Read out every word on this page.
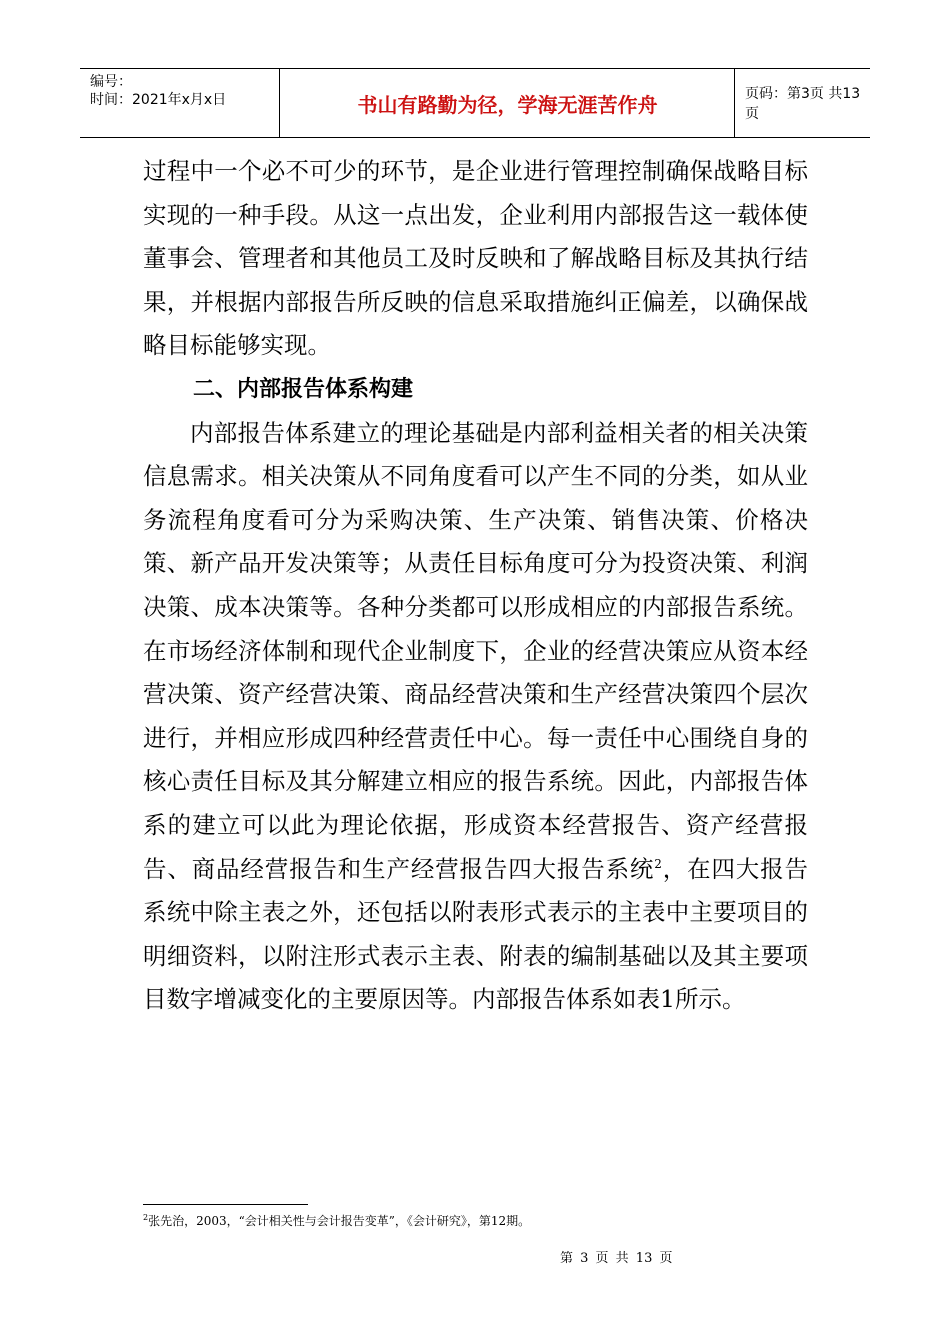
编号：
时间：2021年x月x日	书山有路勤为径，学海无涯苦作舟	页码：第3页 共13页

过程中一个必不可少的环节，是企业进行管理控制确保战略目标实现的一种手段。从这一点出发，企业利用内部报告这一载体使董事会、管理者和其他员工及时反映和了解战略目标及其执行结果，并根据内部报告所反映的信息采取措施纠正偏差，以确保战略目标能够实现。

二、内部报告体系构建

内部报告体系建立的理论基础是内部利益相关者的相关决策信息需求。相关决策从不同角度看可以产生不同的分类，如从业务流程角度看可分为采购决策、生产决策、销售决策、价格决策、新产品开发决策等；从责任目标角度可分为投资决策、利润决策、成本决策等。各种分类都可以形成相应的内部报告系统。在市场经济体制和现代企业制度下，企业的经营决策应从资本经营决策、资产经营决策、商品经营决策和生产经营决策四个层次进行，并相应形成四种经营责任中心。每一责任中心围绕自身的核心责任目标及其分解建立相应的报告系统。因此，内部报告体系的建立可以此为理论依据，形成资本经营报告、资产经营报告、商品经营报告和生产经营报告四大报告系统$^2$，在四大报告系统中除主表之外，还包括以附表形式表示的主表中主要项目的明细资料，以附注形式表示主表、附表的编制基础以及其主要项目数字增减变化的主要原因等。内部报告体系如表1所示。

$^2$张先治，2003，“会计相关性与会计报告变革”，《会计研究》，第12期。
第 3 页 共 13 页
